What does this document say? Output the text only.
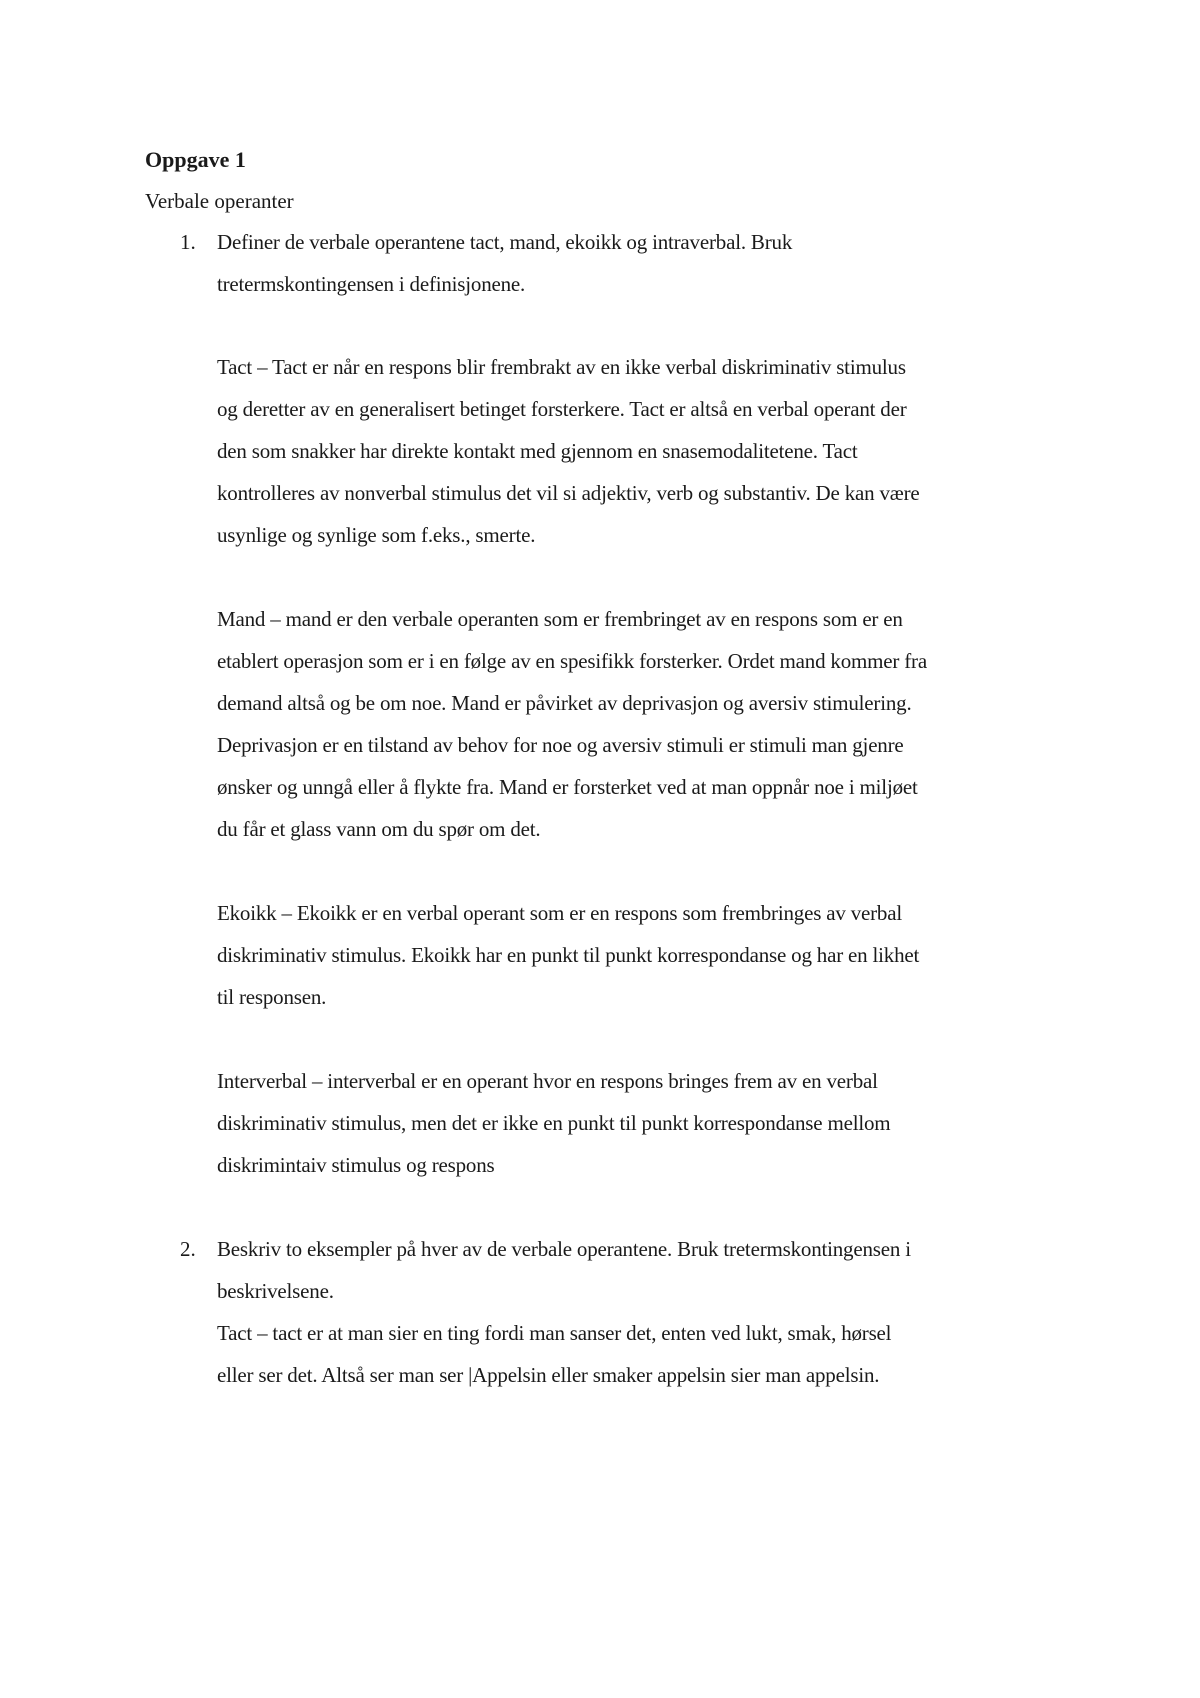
Oppgave 1
Verbale operanter
1. Definer de verbale operantene tact, mand, ekoikk og intraverbal. Bruk
tretermskontingensen i definisjonene.
Tact – Tact er når en respons blir frembrakt av en ikke verbal diskriminativ stimulus
og deretter av en generalisert betinget forsterkere. Tact er altså en verbal operant der
den som snakker har direkte kontakt med gjennom en snasemodalitetene. Tact
kontrolleres av nonverbal stimulus det vil si adjektiv, verb og substantiv. De kan være
usynlige og synlige som f.eks., smerte.
Mand – mand er den verbale operanten som er frembringet av en respons som er en
etablert operasjon som er i en følge av en spesifikk forsterker. Ordet mand kommer fra
demand altså og be om noe. Mand er påvirket av deprivasjon og aversiv stimulering.
Deprivasjon er en tilstand av behov for noe og aversiv stimuli er stimuli man gjenre
ønsker og unngå eller å flykte fra. Mand er forsterket ved at man oppnår noe i miljøet
du får et glass vann om du spør om det.
Ekoikk – Ekoikk er en verbal operant som er en respons som frembringes av verbal
diskriminativ stimulus. Ekoikk har en punkt til punkt korrespondanse og har en likhet
til responsen.
Interverbal – interverbal er en operant hvor en respons bringes frem av en verbal
diskriminativ stimulus, men det er ikke en punkt til punkt korrespondanse mellom
diskrimintaiv stimulus og respons
2. Beskriv to eksempler på hver av de verbale operantene. Bruk tretermskontingensen i
beskrivelsene.
Tact – tact er at man sier en ting fordi man sanser det, enten ved lukt, smak, hørsel
eller ser det. Altså ser man ser |Appelsin eller smaker appelsin sier man appelsin.
